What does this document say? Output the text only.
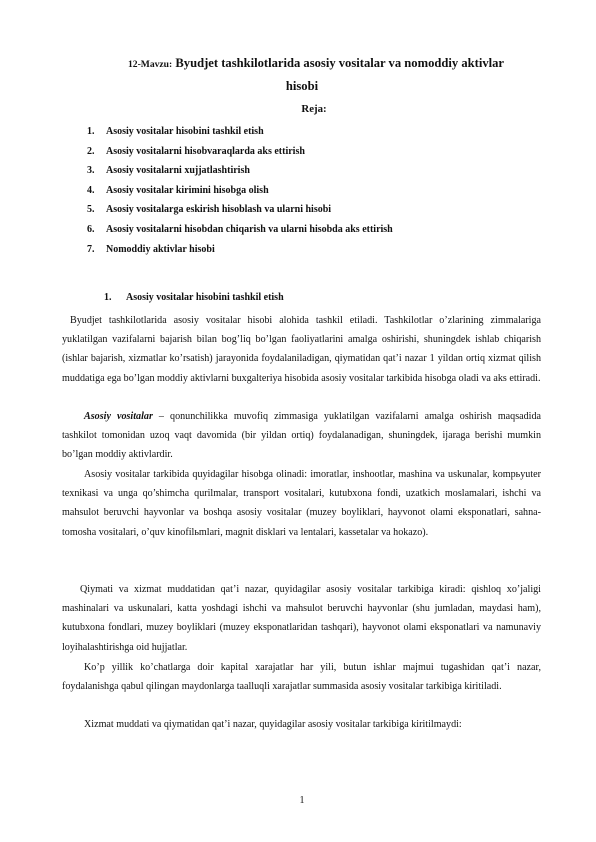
12-Mavzu: Byudjet tashkilotlarida asosiy vositalar va nomoddiy aktivlar
hisobi
Reja:
1. Asosiy vositalar hisobini tashkil etish
2. Asosiy vositalarni hisobvaraqlarda aks ettirish
3. Asosiy vositalarni xujjatlashtirish
4. Asosiy vositalar kirimini hisobga olish
5. Asosiy vositalarga eskirish hisoblash va ularni hisobi
6. Asosiy vositalarni hisobdan chiqarish va ularni hisobda aks ettirish
7. Nomoddiy aktivlar hisobi
1. Asosiy vositalar hisobini tashkil etish

Byudjet tashkilotlarida asosiy vositalar hisobi alohida tashkil etiladi. Tashkilotlar o’zlarining zimmalariga yuklatilgan vazifalarni bajarish bilan bog’liq bo’lgan faoliyatlarini amalga oshirishi, shuningdek ishlab chiqarish (ishlar bajarish, xizmatlar ko’rsatish) jarayonida foydalaniladigan, qiymatidan qat’i nazar 1 yildan ortiq xizmat qilish muddatiga ega bo’lgan moddiy aktivlarni buxgalteriya hisobida asosiy vositalar tarkibida hisobga oladi va aks ettiradi.

Asosiy vositalar – qonunchilikka muvofiq zimmasiga yuklatilgan vazifalarni amalga oshirish maqsadida tashkilot tomonidan uzoq vaqt davomida (bir yildan ortiq) foydalanadigan, shuningdek, ijaraga berishi mumkin bo’lgan moddiy aktivlardir.

Asosiy vositalar tarkibida quyidagilar hisobga olinadi: imoratlar, inshootlar, mashina va uskunalar, kompьyuter texnikasi va unga qo’shimcha qurilmalar, transport vositalari, kutubxona fondi, uzatkich moslamalari, ishchi va mahsulot beruvchi hayvonlar va boshqa asosiy vositalar (muzey boyliklari, hayvonot olami eksponatlari, sahna-tomosha vositalari, o’quv kinofilьmlari, magnit disklari va lentalari, kassetalar va hokazo).

Qiymati va xizmat muddatidan qat’i nazar, quyidagilar asosiy vositalar tarkibiga kiradi: qishloq xo’jaligi mashinalari va uskunalari, katta yoshdagi ishchi va mahsulot beruvchi hayvonlar (shu jumladan, maydasi ham), kutubxona fondlari, muzey boyliklari (muzey eksponatlaridan tashqari), hayvonot olami eksponatlari va namunaviy loyihalashtirishga oid hujjatlar.

Ko’p yillik ko’chatlarga doir kapital xarajatlar har yili, butun ishlar majmui tugashidan qat’i nazar, foydalanishga qabul qilingan maydonlarga taalluqli xarajatlar summasida asosiy vositalar tarkibiga kiritiladi.

Xizmat muddati va qiymatidan qat’i nazar, quyidagilar asosiy vositalar tarkibiga kiritilmaydi:

1
